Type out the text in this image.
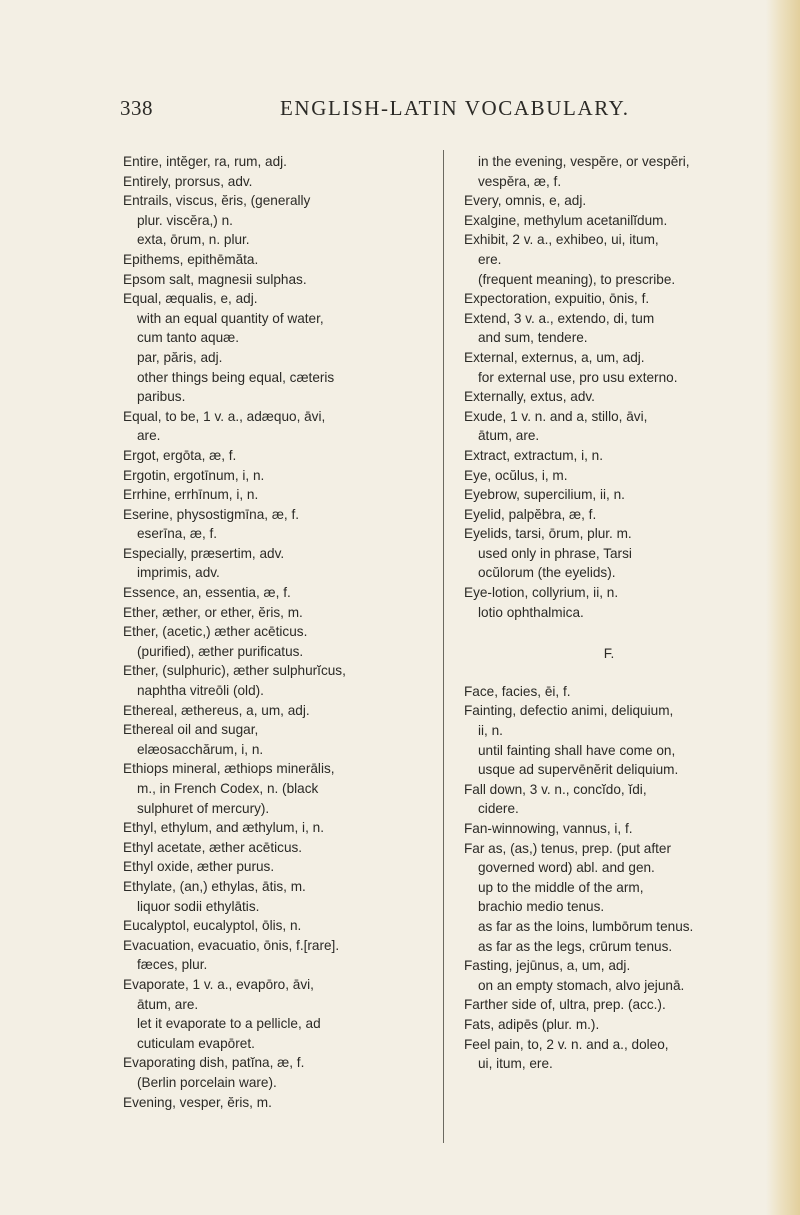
338	ENGLISH-LATIN VOCABULARY.
Entire, intĕger, ra, rum, adj.
Entirely, prorsus, adv.
Entrails, viscus, ĕris, (generally
plur. viscĕra,) n.
exta, ōrum, n. plur.
Epithems, epithēmăta.
Epsom salt, magnesii sulphas.
Equal, æqualis, e, adj.
with an equal quantity of water,
cum tanto aquæ.
par, păris, adj.
other things being equal, cæteris
paribus.
Equal, to be, 1 v. a., adæquo, āvi,
are.
Ergot, ergōta, æ, f.
Ergotin, ergotīnum, i, n.
Errhine, errhīnum, i, n.
Eserine, physostigmīna, æ, f.
eserīna, æ, f.
Especially, præsertim, adv.
imprimis, adv.
Essence, an, essentia, æ, f.
Ether, æther, or ether, ĕris, m.
Ether, (acetic,) æther acēticus.
(purified), æther purificatus.
Ether, (sulphuric), æther sulphurĭcus,
naphtha vitreōli (old).
Ethereal, æthereus, a, um, adj.
Ethereal oil and sugar,
elæosacchărum, i, n.
Ethiops mineral, æthiops minerālis,
m., in French Codex, n. (black
sulphuret of mercury).
Ethyl, ethylum, and æthylum, i, n.
Ethyl acetate, æther acēticus.
Ethyl oxide, æther purus.
Ethylate, (an,) ethylas, ātis, m.
liquor sodii ethylātis.
Eucalyptol, eucalyptol, ōlis, n.
Evacuation, evacuatio, ōnis, f.[rare].
fæces, plur.
Evaporate, 1 v. a., evapōro, āvi,
ātum, are.
let it evaporate to a pellicle, ad
cuticulam evapōret.
Evaporating dish, patĭna, æ, f.
(Berlin porcelain ware).
Evening, vesper, ĕris, m.
in the evening, vespĕre, or vespĕri,
vespĕra, æ, f.
Every, omnis, e, adj.
Exalgine, methylum acetanilĭdum.
Exhibit, 2 v. a., exhibeo, ui, itum,
ere.
(frequent meaning), to prescribe.
Expectoration, expuitio, ōnis, f.
Extend, 3 v. a., extendo, di, tum
and sum, tendere.
External, externus, a, um, adj.
for external use, pro usu externo.
Externally, extus, adv.
Exude, 1 v. n. and a, stillo, āvi,
ātum, are.
Extract, extractum, i, n.
Eye, ocŭlus, i, m.
Eyebrow, supercilium, ii, n.
Eyelid, palpĕbra, æ, f.
Eyelids, tarsi, ōrum, plur. m.
used only in phrase, Tarsi
ocŭlorum (the eyelids).
Eye-lotion, collyrium, ii, n.
lotio ophthalmica.
F.
Face, facies, ēi, f.
Fainting, defectio animi, deliquium,
ii, n.
until fainting shall have come on,
usque ad supervēnĕrit deliquium.
Fall down, 3 v. n., concĭdo, ĭdi,
cidere.
Fan-winnowing, vannus, i, f.
Far as, (as,) tenus, prep. (put after
governed word) abl. and gen.
up to the middle of the arm,
brachio medio tenus.
as far as the loins, lumbōrum tenus.
as far as the legs, crūrum tenus.
Fasting, jejūnus, a, um, adj.
on an empty stomach, alvo jejunā.
Farther side of, ultra, prep. (acc.).
Fats, adipēs (plur. m.).
Feel pain, to, 2 v. n. and a., doleo,
ui, itum, ere.
